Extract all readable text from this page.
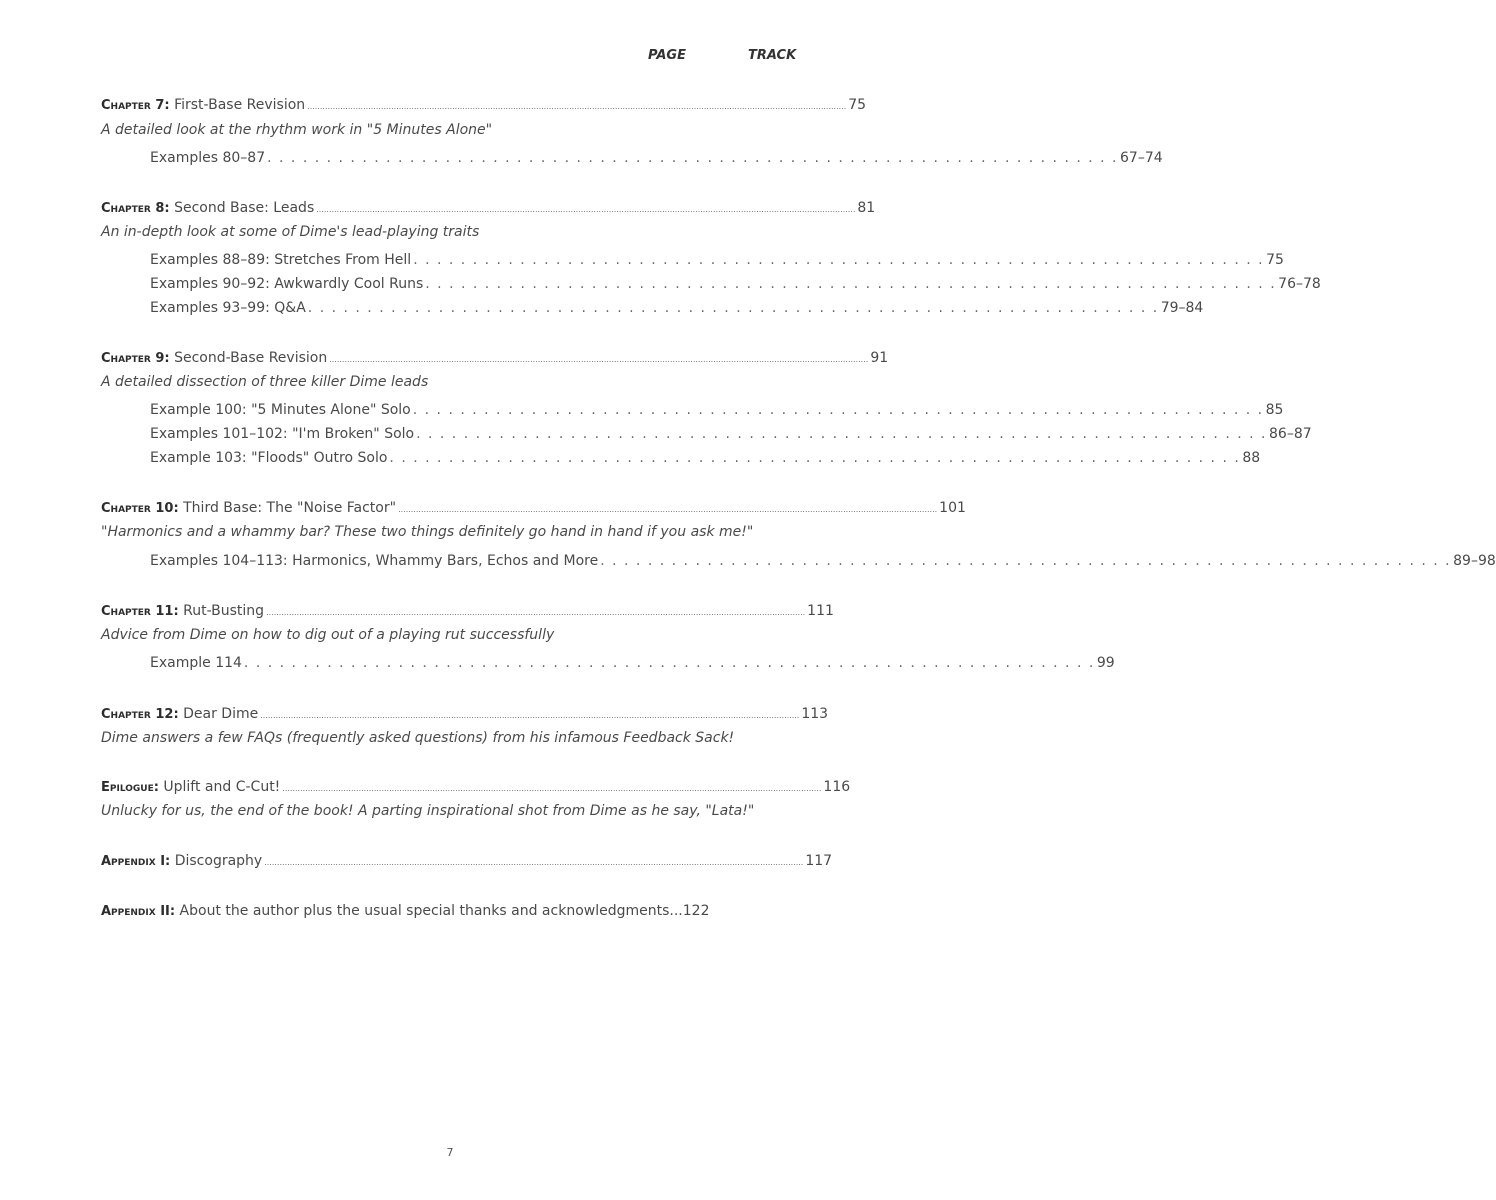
PAGE	TRACK
Chapter 7: First-Base Revision .................................................................................................................................................................................................................... 75
A detailed look at the rhythm work in "5 Minutes Alone"
Examples 80–87 . . . . . . . . . . . . . . . . . . . . . . . . . . . . . . . . . . . . . . . . . . . . . . . . . . . . . . . . . . . . . . . . . . . . . . . . 67–74
Chapter 8: Second Base: Leads .................................................................................................................................................................................................................... 81
An in-depth look at some of Dime's lead-playing traits
Examples 88–89: Stretches From Hell . . . . . . . . . . . . . . . . . . . . . . . . . . . . . . . . . . . . . . . . . . . . . . . . . . . . . . . . . . . . . . . . . . . . . . . . 75
Examples 90–92: Awkwardly Cool Runs . . . . . . . . . . . . . . . . . . . . . . . . . . . . . . . . . . . . . . . . . . . . . . . . . . . . . . . . . . . . . . . . . . . . . . . . 76–78
Examples 93–99: Q&A . . . . . . . . . . . . . . . . . . . . . . . . . . . . . . . . . . . . . . . . . . . . . . . . . . . . . . . . . . . . . . . . . . . . . . . . 79–84
Chapter 9: Second-Base Revision .................................................................................................................................................................................................................... 91
A detailed dissection of three killer Dime leads
Example 100: "5 Minutes Alone" Solo . . . . . . . . . . . . . . . . . . . . . . . . . . . . . . . . . . . . . . . . . . . . . . . . . . . . . . . . . . . . . . . . . . . . . . . . 85
Examples 101–102: "I'm Broken" Solo . . . . . . . . . . . . . . . . . . . . . . . . . . . . . . . . . . . . . . . . . . . . . . . . . . . . . . . . . . . . . . . . . . . . . . . . 86–87
Example 103: "Floods" Outro Solo . . . . . . . . . . . . . . . . . . . . . . . . . . . . . . . . . . . . . . . . . . . . . . . . . . . . . . . . . . . . . . . . . . . . . . . . 88
Chapter 10: Third Base: The "Noise Factor" .................................................................................................................................................................................................................... 101
"Harmonics and a whammy bar? These two things definitely go hand in hand if you ask me!"
Examples 104–113: Harmonics, Whammy Bars, Echos and More . . . . . . . . . . . . . . . . . . . . . . . . . . . . . . . . . . . . . . . . . . . . . . . . . . . . . . . . . . . . . . . . . . . . . . . . 89–98
Chapter 11: Rut-Busting .................................................................................................................................................................................................................... 111
Advice from Dime on how to dig out of a playing rut successfully
Example 114 . . . . . . . . . . . . . . . . . . . . . . . . . . . . . . . . . . . . . . . . . . . . . . . . . . . . . . . . . . . . . . . . . . . . . . . . 99
Chapter 12: Dear Dime .................................................................................................................................................................................................................... 113
Dime answers a few FAQs (frequently asked questions) from his infamous Feedback Sack!
Epilogue: Uplift and C-Cut! .................................................................................................................................................................................................................... 116
Unlucky for us, the end of the book! A parting inspirational shot from Dime as he say, "Lata!"
Appendix I: Discography .................................................................................................................................................................................................................... 117
Appendix II: About the author plus the usual special thanks and acknowledgments... 122
7
